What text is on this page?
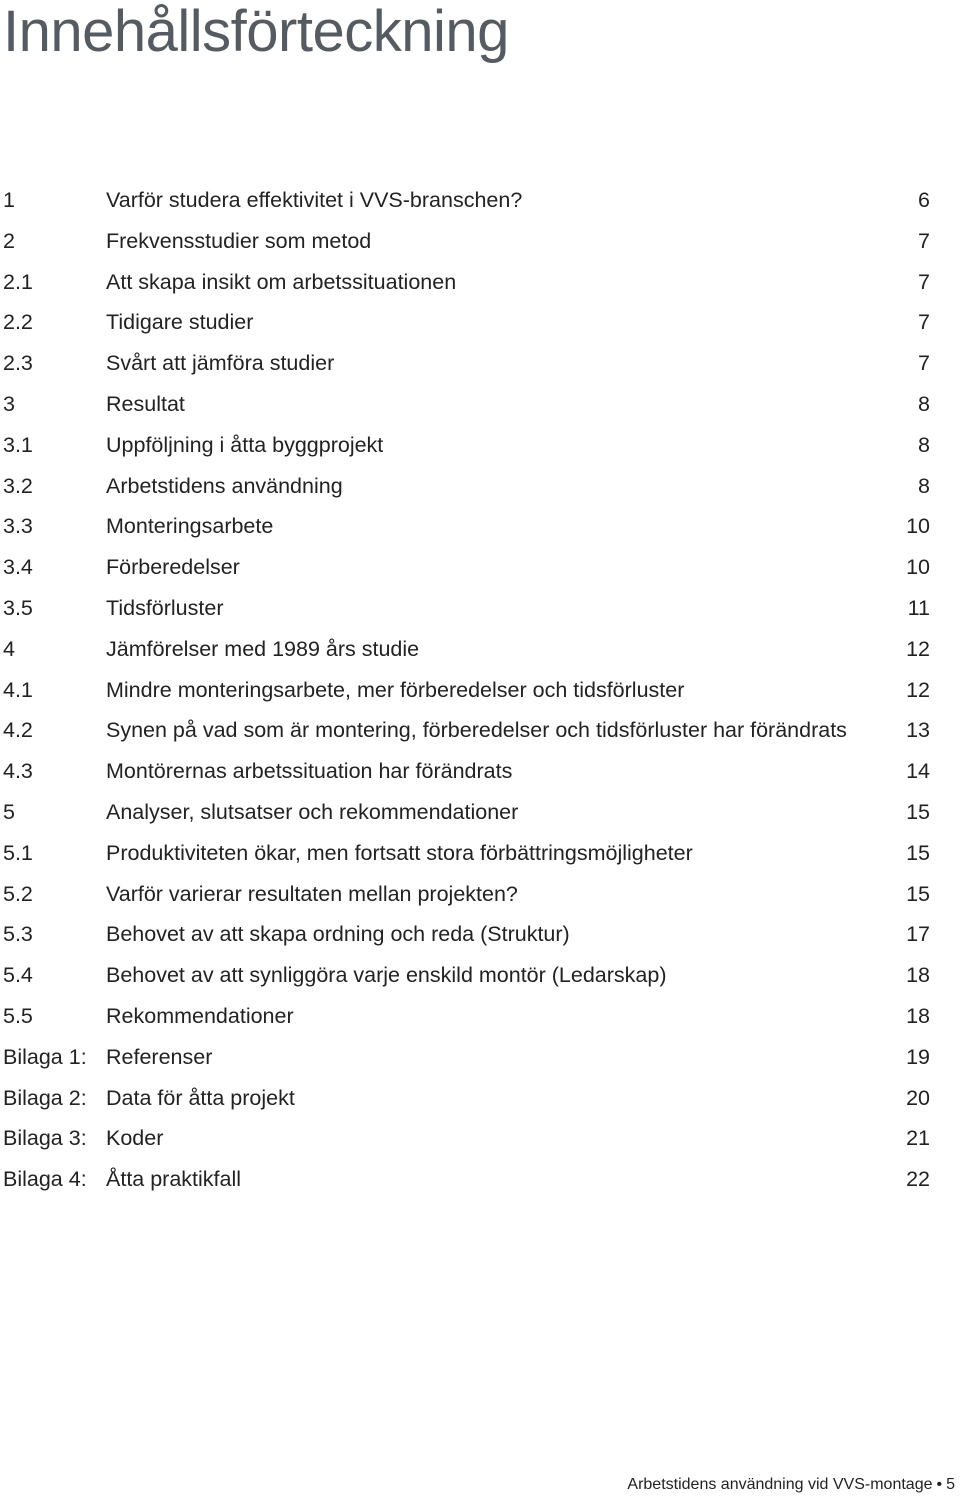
Innehållsförteckning
1	Varför studera effektivitet i VVS-branschen?	6
2	Frekvensstudier som metod	7
2.1	Att skapa insikt om arbetssituationen	7
2.2	Tidigare studier	7
2.3	Svårt att jämföra studier	7
3	Resultat	8
3.1	Uppföljning i åtta byggprojekt	8
3.2	Arbetstidens användning	8
3.3	Monteringsarbete	10
3.4	Förberedelser	10
3.5	Tidsförluster	11
4	Jämförelser med 1989 års studie	12
4.1	Mindre monteringsarbete, mer förberedelser och tidsförluster	12
4.2	Synen på vad som är montering, förberedelser och tidsförluster har förändrats	13
4.3	Montörernas arbetssituation har förändrats	14
5	Analyser, slutsatser och rekommendationer	15
5.1	Produktiviteten ökar, men fortsatt stora förbättringsmöjligheter	15
5.2	Varför varierar resultaten mellan projekten?	15
5.3	Behovet av att skapa ordning och reda (Struktur)	17
5.4	Behovet av att synliggöra varje enskild montör (Ledarskap)	18
5.5	Rekommendationer	18
Bilaga 1: Referenser	19
Bilaga 2: Data för åtta projekt	20
Bilaga 3: Koder	21
Bilaga 4: Åtta praktikfall	22
Arbetstidens användning vid VVS-montage • 5
